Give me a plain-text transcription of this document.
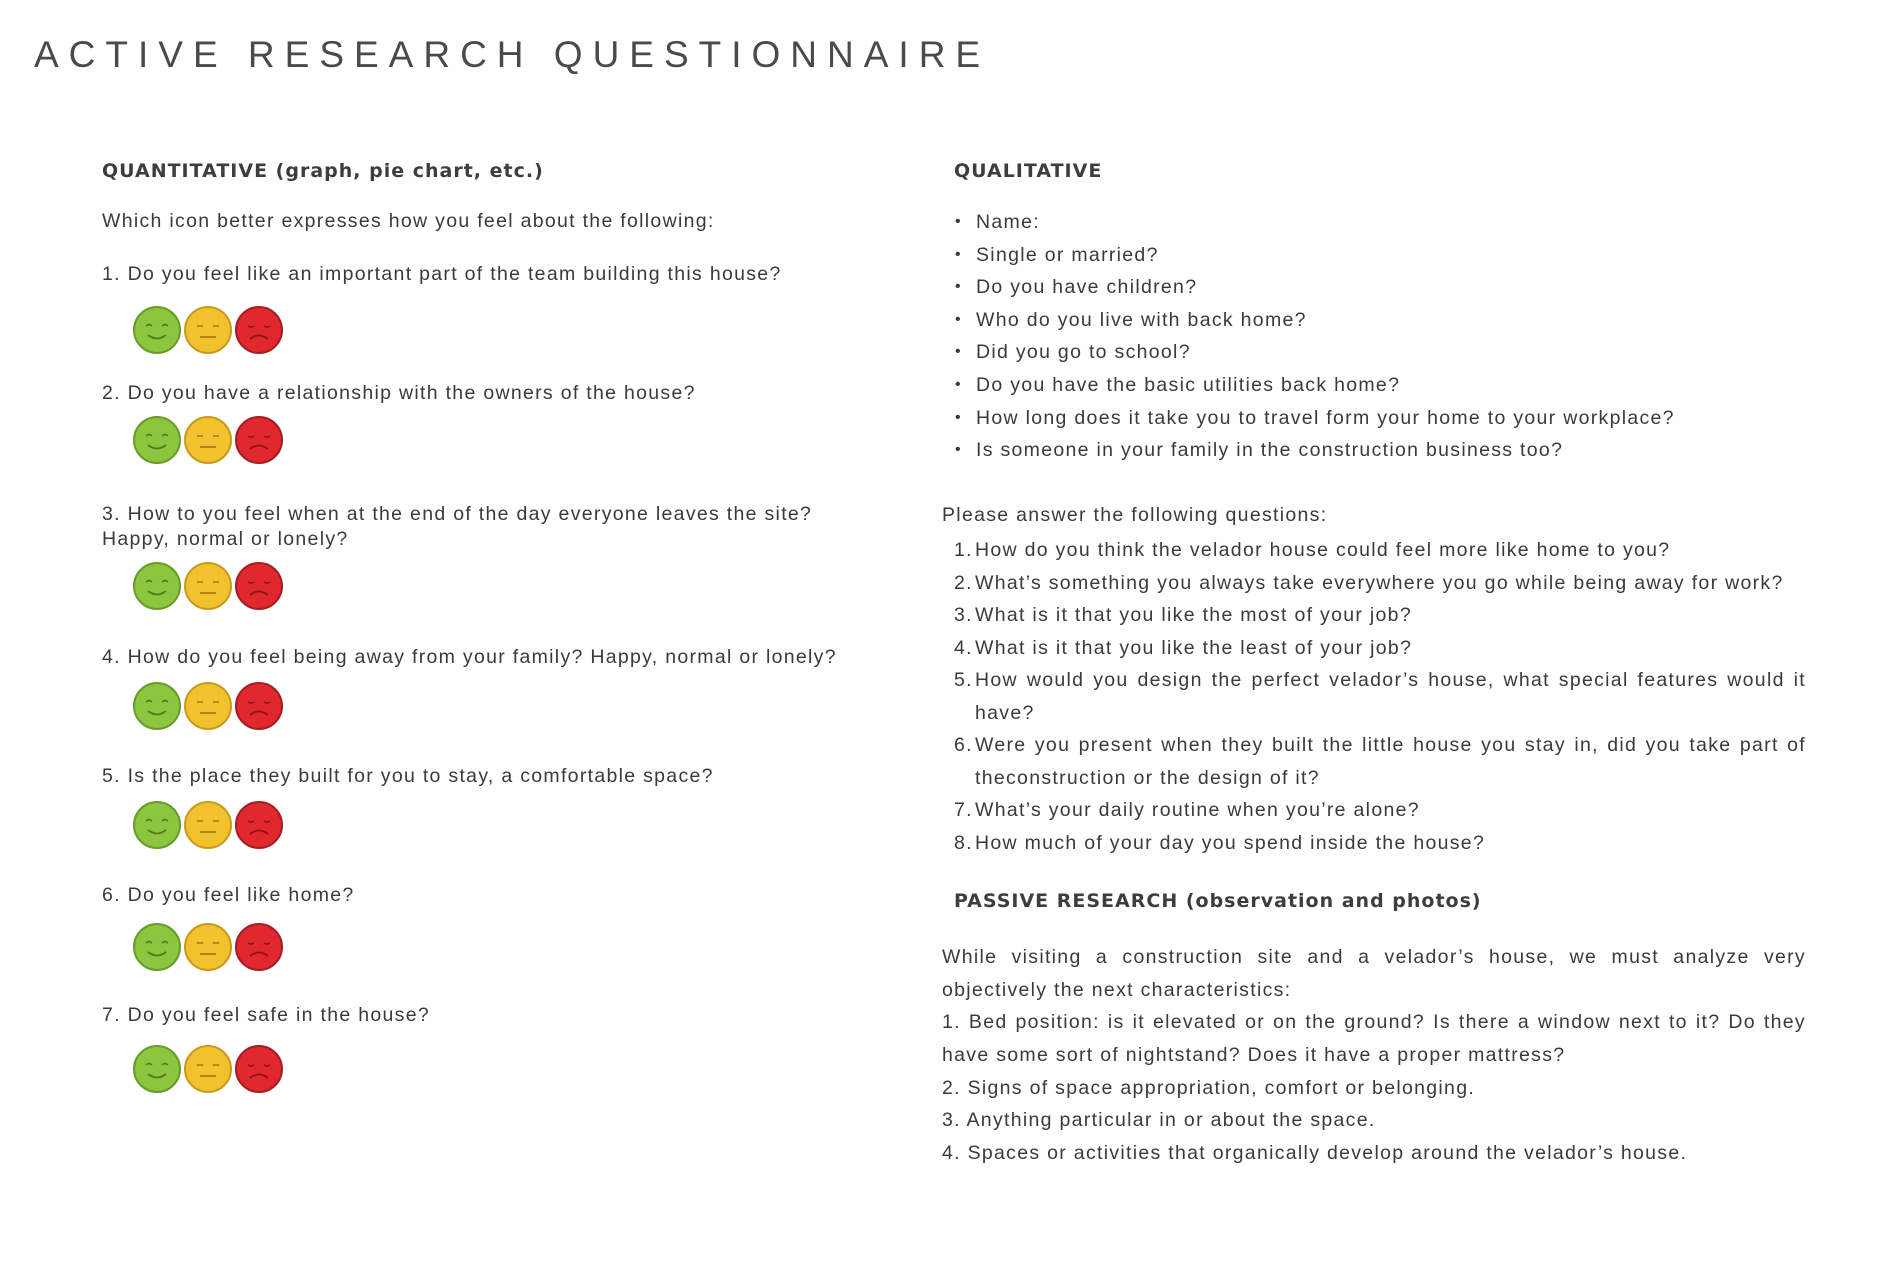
ACTIVE RESEARCH QUESTIONNAIRE
QUANTITATIVE (graph, pie chart, etc.)
Which icon better expresses how you feel about the following:
1. Do you feel like an important part of the team building this house?
2. Do you have a relationship with the owners of the house?
3. How to you feel when at the end of the day everyone leaves the site?
Happy, normal or lonely?
4. How do you feel being away from your family? Happy, normal or lonely?
5. Is the place they built for you to stay, a comfortable space?
6. Do you feel like home?
7. Do you feel safe in the house?
QUALITATIVE
• Name:
• Single or married?
• Do you have children?
• Who do you live with back home?
• Did you go to school?
• Do you have the basic utilities back home?
• How long does it take you to travel form your home to your workplace?
• Is someone in your family in the construction business too?
Please answer the following questions:
1. How do you think the velador house could feel more like home to you?
2. What’s something you always take everywhere you go while being away for work?
3. What is it that you like the most of your job?
4. What is it that you like the least of your job?
5. How would you design the perfect velador’s house, what special features would it have?
6. Were you present when they built the little house you stay in, did you take part of theconstruction or the design of it?
7. What’s your daily routine when you’re alone?
8. How much of your day you spend inside the house?
PASSIVE RESEARCH (observation and photos)
While visiting a construction site and a velador’s house, we must analyze very objectively the next characteristics:
1. Bed position: is it elevated or on the ground? Is there a window next to it? Do they have some sort of nightstand? Does it have a proper mattress?
2. Signs of space appropriation, comfort or belonging.
3. Anything particular in or about the space.
4. Spaces or activities that organically develop around the velador’s house.
